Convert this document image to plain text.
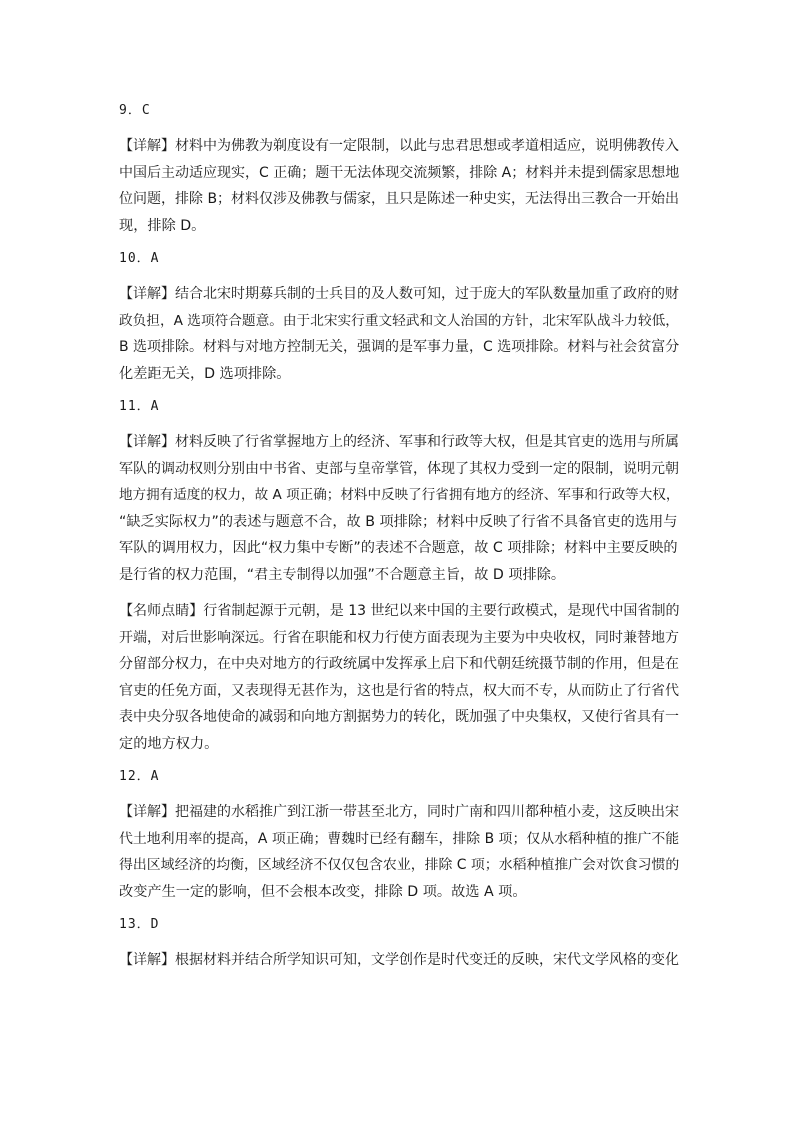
9．C
【详解】材料中为佛教为剃度设有一定限制，以此与忠君思想或孝道相适应，说明佛教传入
中国后主动适应现实，C 正确；题干无法体现交流频繁，排除 A；材料并未提到儒家思想地
位问题，排除 B；材料仅涉及佛教与儒家，且只是陈述一种史实，无法得出三教合一开始出
现，排除 D。
10．A
【详解】结合北宋时期募兵制的士兵目的及人数可知，过于庞大的军队数量加重了政府的财
政负担，A 选项符合题意。由于北宋实行重文轻武和文人治国的方针，北宋军队战斗力较低，
B 选项排除。材料与对地方控制无关，强调的是军事力量，C 选项排除。材料与社会贫富分
化差距无关，D 选项排除。
11．A
【详解】材料反映了行省掌握地方上的经济、军事和行政等大权，但是其官吏的选用与所属
军队的调动权则分别由中书省、吏部与皇帝掌管，体现了其权力受到一定的限制，说明元朝
地方拥有适度的权力，故 A 项正确；材料中反映了行省拥有地方的经济、军事和行政等大权，
“缺乏实际权力”的表述与题意不合，故 B 项排除；材料中反映了行省不具备官吏的选用与
军队的调用权力，因此“权力集中专断”的表述不合题意，故 C 项排除；材料中主要反映的
是行省的权力范围，“君主专制得以加强”不合题意主旨，故 D 项排除。
【名师点睛】行省制起源于元朝，是 13 世纪以来中国的主要行政模式，是现代中国省制的
开端，对后世影响深远。行省在职能和权力行使方面表现为主要为中央收权，同时兼替地方
分留部分权力，在中央对地方的行政统属中发挥承上启下和代朝廷统摄节制的作用，但是在
官吏的任免方面，又表现得无甚作为，这也是行省的特点，权大而不专，从而防止了行省代
表中央分驭各地使命的减弱和向地方割据势力的转化，既加强了中央集权，又使行省具有一
定的地方权力。
12．A
【详解】把福建的水稻推广到江浙一带甚至北方，同时广南和四川都种植小麦，这反映出宋
代土地利用率的提高，A 项正确；曹魏时已经有翻车，排除 B 项；仅从水稻种植的推广不能
得出区域经济的均衡，区域经济不仅仅包含农业，排除 C 项；水稻种植推广会对饮食习惯的
改变产生一定的影响，但不会根本改变，排除 D 项。故选 A 项。
13．D
【详解】根据材料并结合所学知识可知，文学创作是时代变迁的反映，宋代文学风格的变化
